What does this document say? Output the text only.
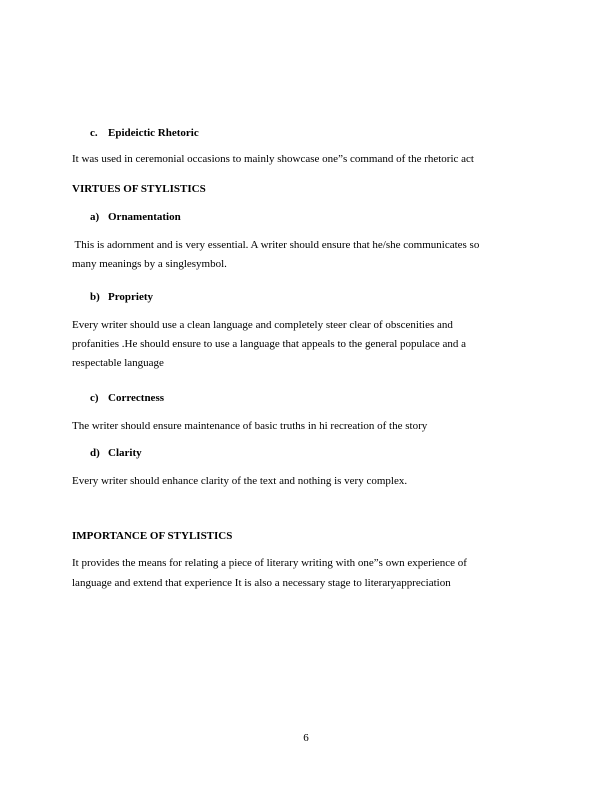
c. Epideictic Rhetoric
It was used in ceremonial occasions to mainly showcase one”s command of the rhetoric act
VIRTUES OF STYLISTICS
a) Ornamentation
This is adornment and is very essential. A writer should ensure that he/she communicates so
many meanings by a singlesymbol.
b) Propriety
Every writer should use a clean language and completely steer clear of obscenities and
profanities .He should ensure to use a language that appeals to the general populace and a
respectable language
c) Correctness
The writer should ensure maintenance of basic truths in hi recreation of the story
d) Clarity
Every writer should enhance clarity of the text and nothing is very complex.
IMPORTANCE OF STYLISTICS
It provides the means for relating a piece of literary writing with one”s own experience of
language and extend that experience It is also a necessary stage to literaryappreciation
6
